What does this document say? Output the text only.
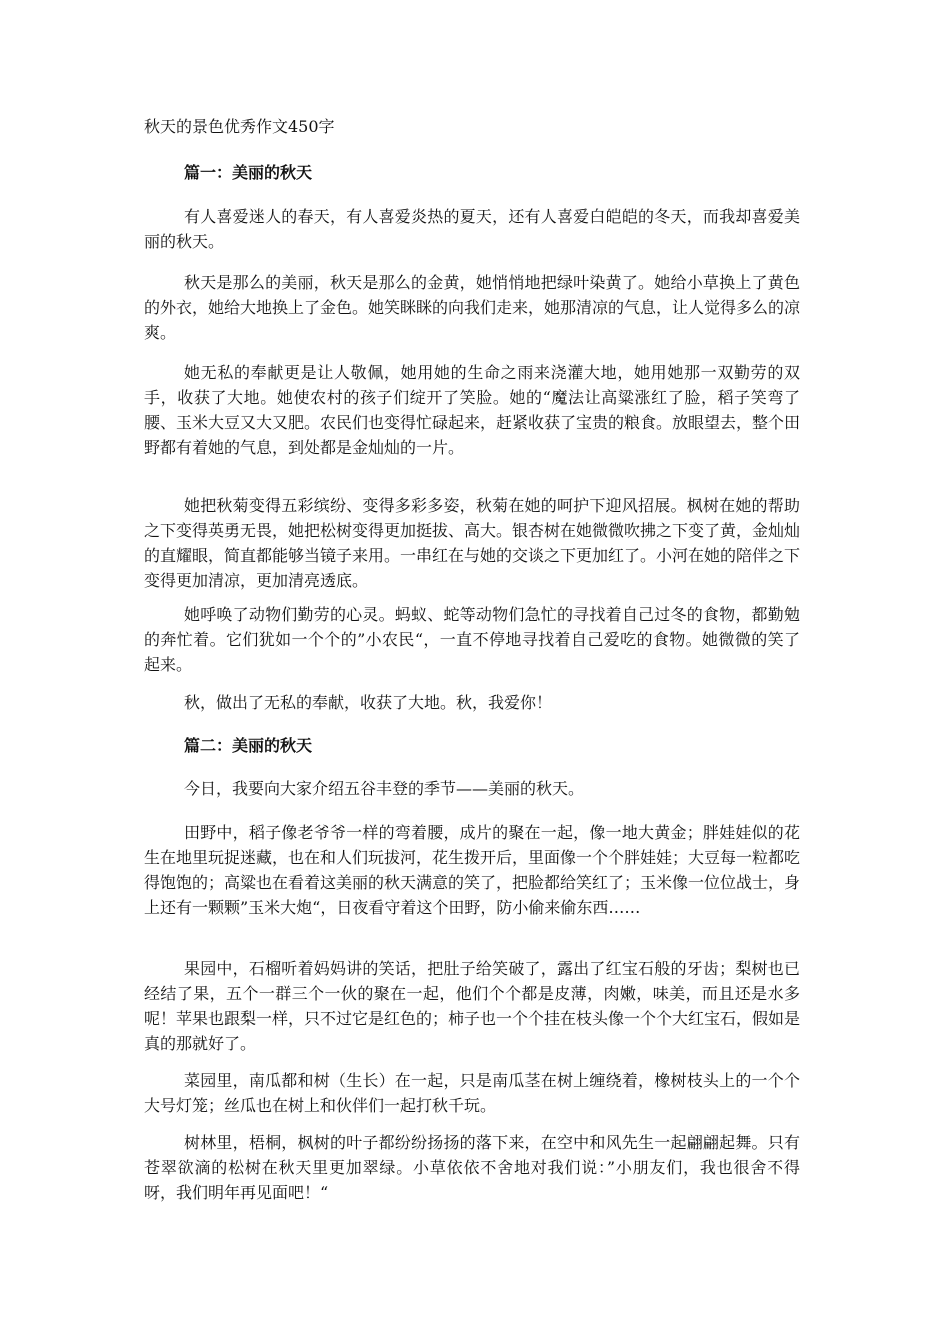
秋天的景色优秀作文450字
篇一：美丽的秋天

有人喜爱迷人的春天，有人喜爱炎热的夏天，还有人喜爱白皑皑的冬天，而我却喜爱美丽的秋天。

秋天是那么的美丽，秋天是那么的金黄，她悄悄地把绿叶染黄了。她给小草换上了黄色的外衣，她给大地换上了金色。她笑眯眯的向我们走来，她那清凉的气息，让人觉得多么的凉爽。

她无私的奉献更是让人敬佩，她用她的生命之雨来浇灌大地，她用她那一双勤劳的双手，收获了大地。她使农村的孩子们绽开了笑脸。她的“魔法让高粱涨红了脸，稻子笑弯了腰、玉米大豆又大又肥。农民们也变得忙碌起来，赶紧收获了宝贵的粮食。放眼望去，整个田野都有着她的气息，到处都是金灿灿的一片。

她把秋菊变得五彩缤纷、变得多彩多姿，秋菊在她的呵护下迎风招展。枫树在她的帮助之下变得英勇无畏，她把松树变得更加挺拔、高大。银杏树在她微微吹拂之下变了黄，金灿灿的直耀眼，简直都能够当镜子来用。一串红在与她的交谈之下更加红了。小河在她的陪伴之下变得更加清凉，更加清亮透底。

她呼唤了动物们勤劳的心灵。蚂蚁、蛇等动物们急忙的寻找着自己过冬的食物，都勤勉的奔忙着。它们犹如一个个的”小农民“，一直不停地寻找着自己爱吃的食物。她微微的笑了起来。

秋，做出了无私的奉献，收获了大地。秋，我爱你！

篇二：美丽的秋天

今日，我要向大家介绍五谷丰登的季节——美丽的秋天。

田野中，稻子像老爷爷一样的弯着腰，成片的聚在一起，像一地大黄金；胖娃娃似的花生在地里玩捉迷藏，也在和人们玩拔河，花生拨开后，里面像一个个胖娃娃；大豆每一粒都吃得饱饱的；高粱也在看着这美丽的秋天满意的笑了，把脸都给笑红了；玉米像一位位战士，身上还有一颗颗”玉米大炮“，日夜看守着这个田野，防小偷来偷东西……

果园中，石榴听着妈妈讲的笑话，把肚子给笑破了，露出了红宝石般的牙齿；梨树也已经结了果，五个一群三个一伙的聚在一起，他们个个都是皮薄，肉嫩，味美，而且还是水多呢！苹果也跟梨一样，只不过它是红色的；柿子也一个个挂在枝头像一个个大红宝石，假如是真的那就好了。

菜园里，南瓜都和树（生长）在一起，只是南瓜茎在树上缠绕着，橡树枝头上的一个个大号灯笼；丝瓜也在树上和伙伴们一起打秋千玩。

树林里，梧桐，枫树的叶子都纷纷扬扬的落下来，在空中和风先生一起翩翩起舞。只有苍翠欲滴的松树在秋天里更加翠绿。小草依依不舍地对我们说：”小朋友们，我也很舍不得呀，我们明年再见面吧！“
